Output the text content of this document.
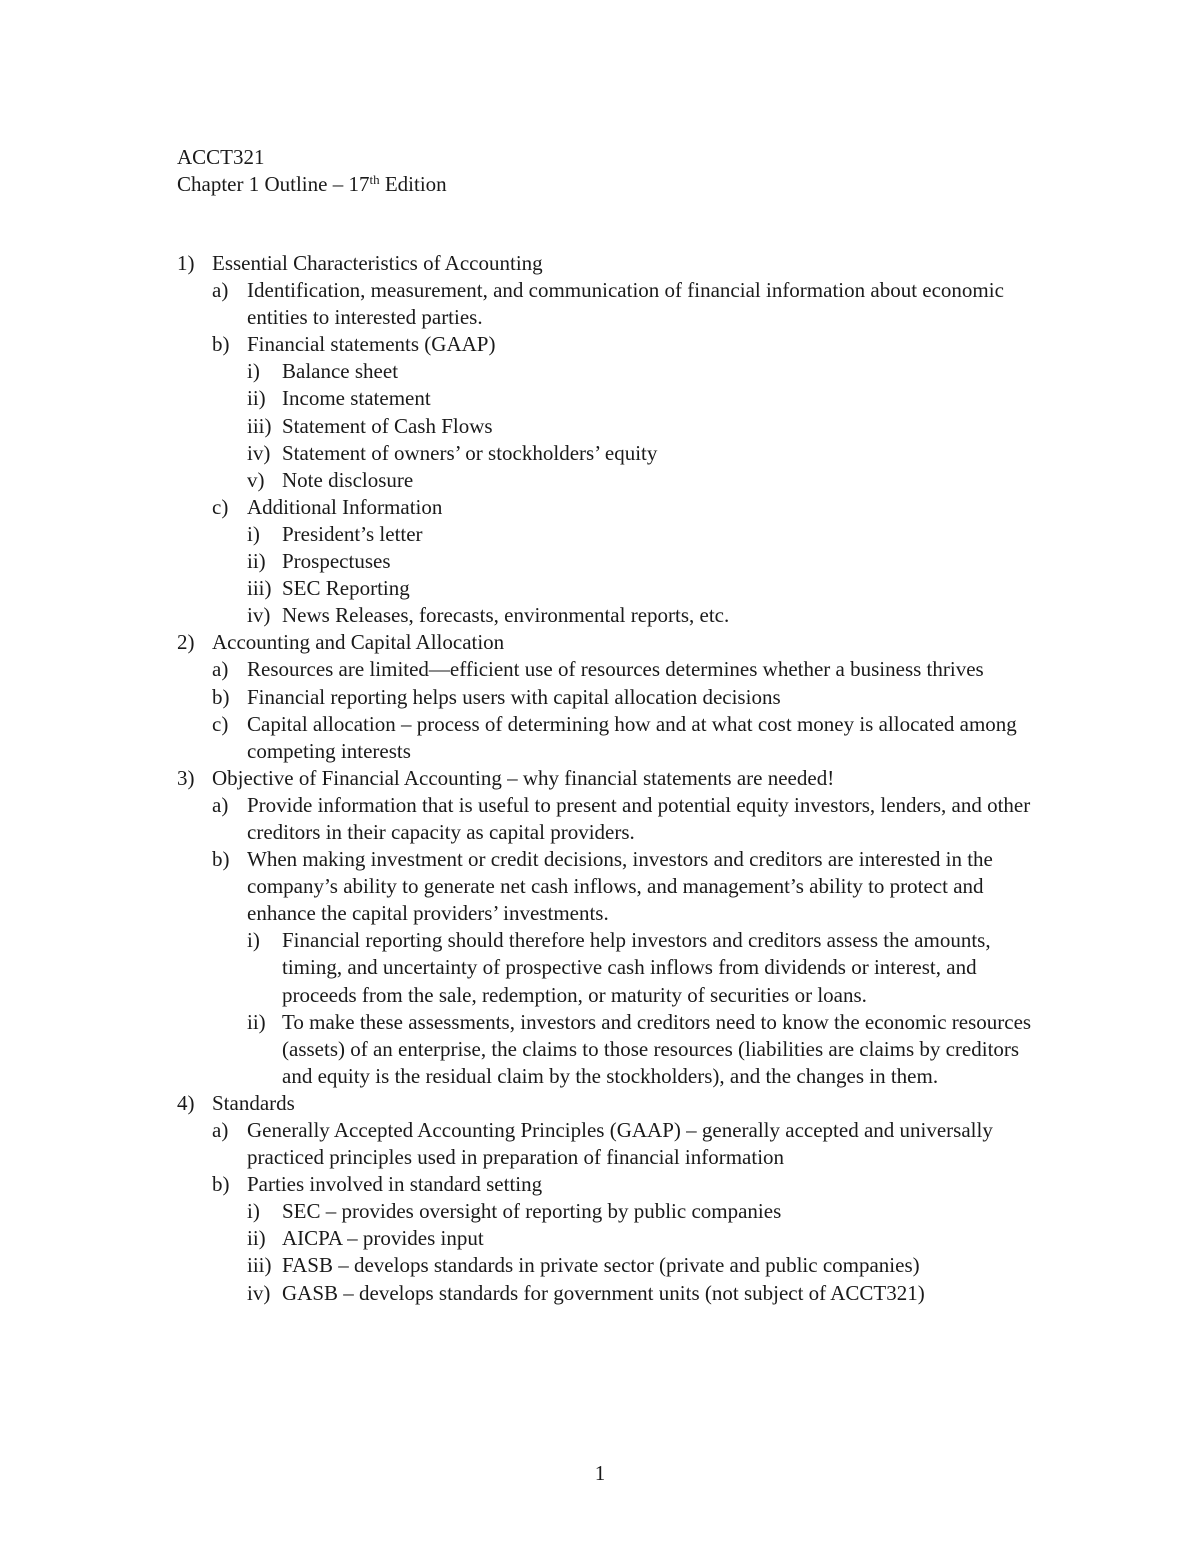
ACCT321
Chapter 1 Outline – 17th Edition
1) Essential Characteristics of Accounting
a) Identification, measurement, and communication of financial information about economic entities to interested parties.
b) Financial statements (GAAP)
i) Balance sheet
ii) Income statement
iii) Statement of Cash Flows
iv) Statement of owners’ or stockholders’ equity
v) Note disclosure
c) Additional Information
i) President’s letter
ii) Prospectuses
iii) SEC Reporting
iv) News Releases, forecasts, environmental reports, etc.
2) Accounting and Capital Allocation
a) Resources are limited—efficient use of resources determines whether a business thrives
b) Financial reporting helps users with capital allocation decisions
c) Capital allocation – process of determining how and at what cost money is allocated among competing interests
3) Objective of Financial Accounting – why financial statements are needed!
a) Provide information that is useful to present and potential equity investors, lenders, and other creditors in their capacity as capital providers.
b) When making investment or credit decisions, investors and creditors are interested in the company’s ability to generate net cash inflows, and management’s ability to protect and enhance the capital providers’ investments.
i) Financial reporting should therefore help investors and creditors assess the amounts, timing, and uncertainty of prospective cash inflows from dividends or interest, and proceeds from the sale, redemption, or maturity of securities or loans.
ii) To make these assessments, investors and creditors need to know the economic resources (assets) of an enterprise, the claims to those resources (liabilities are claims by creditors and equity is the residual claim by the stockholders), and the changes in them.
4) Standards
a) Generally Accepted Accounting Principles (GAAP) – generally accepted and universally practiced principles used in preparation of financial information
b) Parties involved in standard setting
i) SEC – provides oversight of reporting by public companies
ii) AICPA – provides input
iii) FASB – develops standards in private sector (private and public companies)
iv) GASB – develops standards for government units (not subject of ACCT321)
1
